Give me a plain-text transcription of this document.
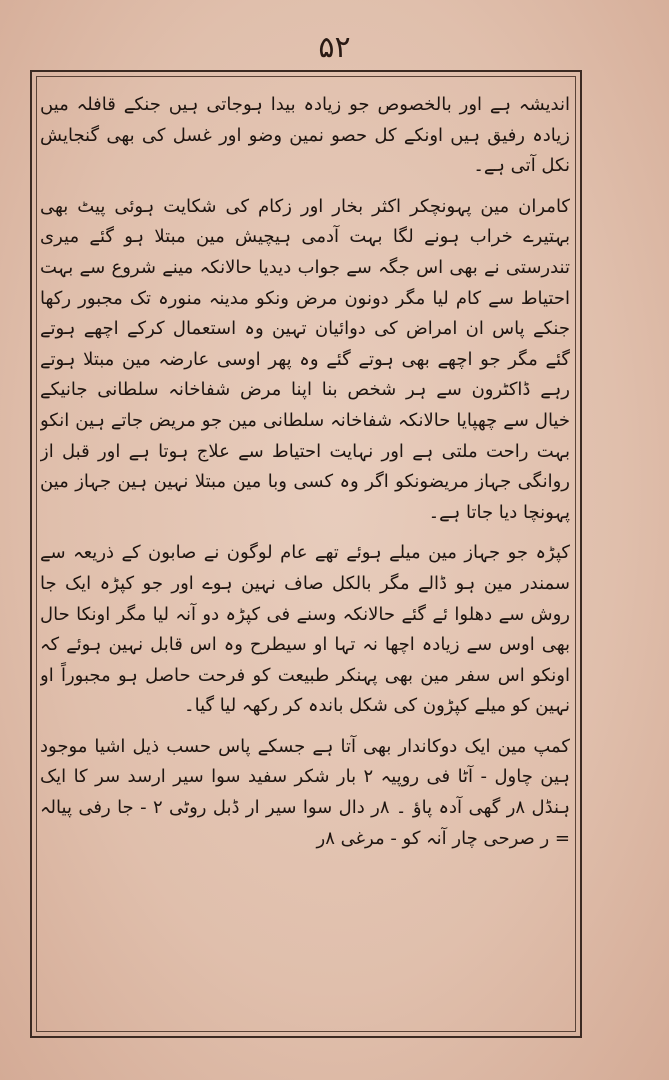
۵۲

اندیشہ ہے اور بالخصوص جو زیادہ بیدا ہوجاتی ہیں جنکے قافلہ میں زیادہ رفیق ہیں اونکے کل حصو نمین وضو اور غسل کی بھی گنجایش نکل آتی ہے۔

کامران مین پہونچکر اکثر بخار اور زکام کی شکایت ہوئی پیٹ بھی بہتیرے خراب ہونے لگا بہت آدمی ہیچیش مین مبتلا ہو گئے میری تندرستی نے بھی اس جگہ سے جواب دیدیا حالانکہ مینے شروع سے بہت احتیاط سے کام لیا مگر دونون مرض ونکو مدینہ منورہ تک مجبور رکھا جنکے پاس ان امراض کی دوائیان تہین وہ استعمال کرکے اچھے ہوتے گئے مگر جو اچھے بھی ہوتے گئے وہ پھر اوسی عارضہ مین مبتلا ہوتے رہے ڈاکٹرون سے ہر شخص بنا اپنا مرض شفاخانہ سلطانی جانیکے خیال سے چھپایا حالانکہ شفاخانہ سلطانی مین جو مریض جاتے ہین انکو بہت راحت ملتی ہے اور نہایت احتیاط سے علاج ہوتا ہے اور قبل از روانگی جہاز مریضونکو اگر وہ کسی وبا مین مبتلا نہین ہین جہاز مین پہونچا دیا جاتا ہے۔

کپڑہ جو جہاز مین میلے ہوئے تھے عام لوگون نے صابون کے ذریعہ سے سمندر مین ہو ڈالے مگر بالکل صاف نہین ہوے اور جو کپڑہ ایک جا روش سے دھلوا ئے گئے حالانکہ وسنے فی کپڑہ دو آنہ لیا مگر اونکا حال بھی اوس سے زیادہ اچھا نہ تہا او سیطرح وہ اس قابل نہین ہوئے کہ اونکو اس سفر مین بھی پہنکر طبیعت کو فرحت حاصل ہو مجبوراً او نہین کو میلے کپڑون کی شکل باندہ کر رکھہ لیا گیا۔

کمپ مین ایک دوکاندار بھی آتا ہے جسکے پاس حسب ذیل اشیا موجود ہین چاول - آٹا فی روپیہ ۲ بار شکر سفید سوا سیر ارسد سر کا ایک ہنڈل ۸ر گھی آدہ پاؤ ۔ ۸ر دال سوا سیر ار ڈبل روٹی ۲ - جا رفی پیالہ = ر صرحی چار آنہ کو - مرغی ۸ر
